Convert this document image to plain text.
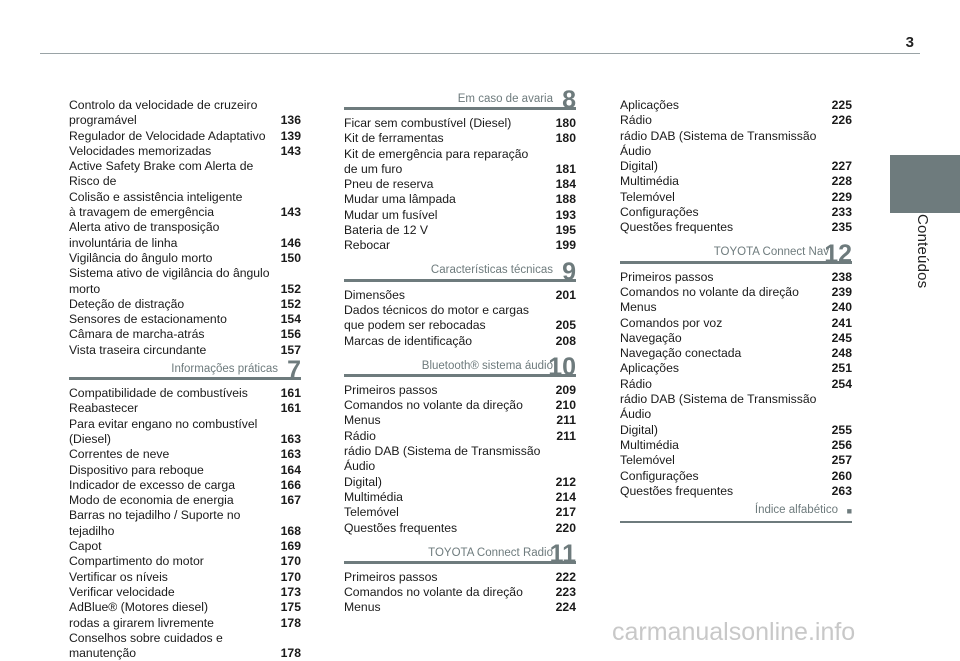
3
Conteúdos
Controlo da velocidade de cruzeiro
programável	136
Regulador de Velocidade Adaptativo	139
Velocidades memorizadas	143
Active Safety Brake com Alerta de Risco de
Colisão e assistência inteligente
à travagem de emergência	143
Alerta ativo de transposição
involuntária de linha	146
Vigilância do ângulo morto	150
Sistema ativo de vigilância do ângulo morto	152
Deteção de distração	152
Sensores de estacionamento	154
Câmara de marcha-atrás	156
Vista traseira circundante	157
Informações práticas 7
Compatibilidade de combustíveis	161
Reabastecer	161
Para evitar engano no combustível (Diesel)	163
Correntes de neve	163
Dispositivo para reboque	164
Indicador de excesso de carga	166
Modo de economia de energia	167
Barras no tejadilho / Suporte no tejadilho	168
Capot	169
Compartimento do motor	170
Vertificar os níveis	170
Verificar velocidade	173
AdBlue® (Motores diesel)	175
rodas a girarem livremente	178
Conselhos sobre cuidados e manutenção	178
Em caso de avaria 8
Ficar sem combustível (Diesel)	180
Kit de ferramentas	180
Kit de emergência para reparação
de um furo	181
Pneu de reserva	184
Mudar uma lâmpada	188
Mudar um fusível	193
Bateria de 12 V	195
Rebocar	199
Características técnicas 9
Dimensões	201
Dados técnicos do motor e cargas
que podem ser rebocadas	205
Marcas de identificação	208
Bluetooth® sistema áudio
10
Primeiros passos	209
Comandos no volante da direção	210
Menus	211
Rádio	211
rádio DAB (Sistema de Transmissão Áudio
Digital)	212
Multimédia	214
Telemóvel	217
Questões frequentes	220
TOYOTA Connect Radio
11
Primeiros passos	222
Comandos no volante da direção	223
Menus	224
Aplicações	225
Rádio	226
rádio DAB (Sistema de Transmissão Áudio
Digital)	227
Multimédia	228
Telemóvel	229
Configurações	233
Questões frequentes	235
TOYOTA Connect Nav
12
Primeiros passos	238
Comandos no volante da direção	239
Menus	240
Comandos por voz	241
Navegação	245
Navegação conectada	248
Aplicações	251
Rádio	254
rádio DAB (Sistema de Transmissão Áudio
Digital)	255
Multimédia	256
Telemóvel	257
Configurações	260
Questões frequentes	263
Índice alfabético ■
carmanualsonline.info
